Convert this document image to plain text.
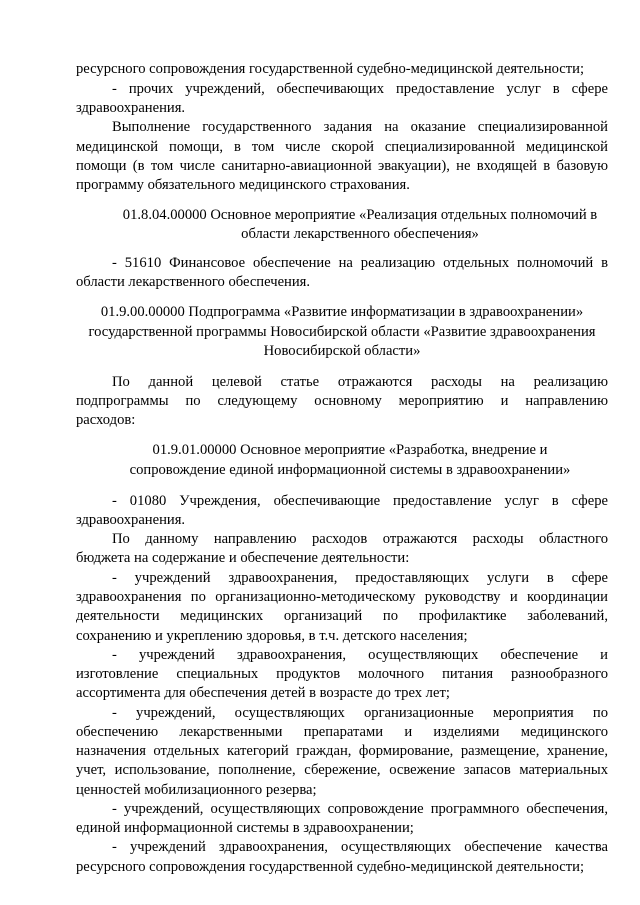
ресурсного сопровождения государственной судебно-медицинской деятельности;
- прочих учреждений, обеспечивающих предоставление услуг в сфере
здравоохранения.
Выполнение государственного задания на оказание специализированной
медицинской помощи, в том числе скорой специализированной медицинской
помощи (в том числе санитарно-авиационной эвакуации), не входящей в базовую
программу обязательного медицинского страхования.
01.8.04.00000 Основное мероприятие «Реализация отдельных полномочий в
области лекарственного обеспечения»
- 51610 Финансовое обеспечение на реализацию отдельных полномочий в
области лекарственного обеспечения.
01.9.00.00000 Подпрограмма «Развитие информатизации в здравоохранении»
государственной программы Новосибирской области «Развитие здравоохранения
Новосибирской области»
По данной целевой статье отражаются расходы на реализацию
подпрограммы по следующему основному мероприятию и направлению
расходов:
01.9.01.00000 Основное мероприятие «Разработка, внедрение и
сопровождение единой информационной системы в здравоохранении»
- 01080 Учреждения, обеспечивающие предоставление услуг в сфере
здравоохранения.
По данному направлению расходов отражаются расходы областного
бюджета на содержание и обеспечение деятельности:
- учреждений здравоохранения, предоставляющих услуги в сфере
здравоохранения по организационно-методическому руководству и координации
деятельности медицинских организаций по профилактике заболеваний,
сохранению и укреплению здоровья, в т.ч. детского населения;
- учреждений здравоохранения, осуществляющих обеспечение и
изготовление специальных продуктов молочного питания разнообразного
ассортимента для обеспечения детей в возрасте до трех лет;
- учреждений, осуществляющих организационные мероприятия по
обеспечению лекарственными препаратами и изделиями медицинского
назначения отдельных категорий граждан, формирование, размещение, хранение,
учет, использование, пополнение, сбережение, освежение запасов материальных
ценностей мобилизационного резерва;
- учреждений, осуществляющих сопровождение программного обеспечения,
единой информационной системы в здравоохранении;
- учреждений здравоохранения, осуществляющих обеспечение качества
ресурсного сопровождения государственной судебно-медицинской деятельности;
